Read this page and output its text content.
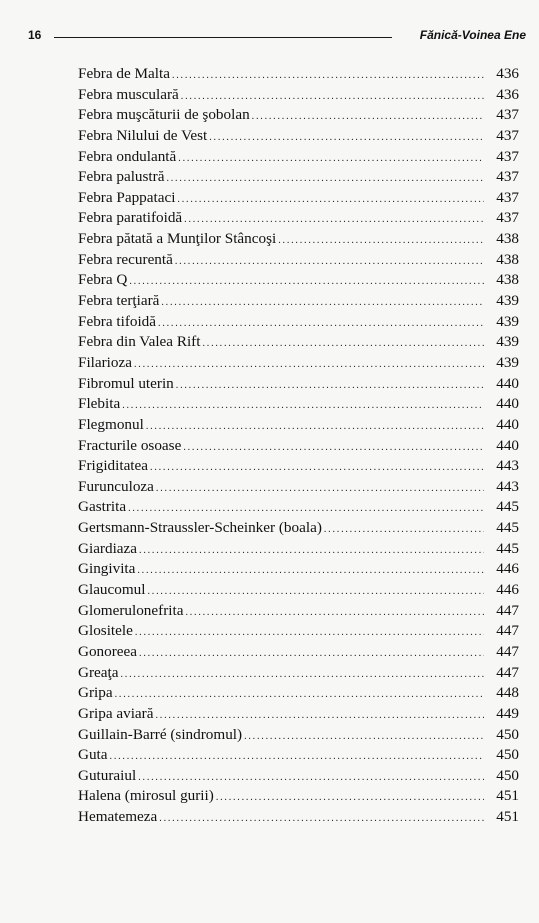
16	Fănică-Voinea Ene
Febra de Malta .....	436
Febra musculară .....	436
Febra muşcăturii de şobolan .....	437
Febra Nilului de Vest .....	437
Febra ondulantă .....	437
Febra palustră .....	437
Febra Pappataci .....	437
Febra paratifoidă .....	437
Febra pătată a Munţilor Stâncoşi .....	438
Febra recurentă .....	438
Febra Q .....	438
Febra terţiară .....	439
Febra tifoidă .....	439
Febra din Valea Rift .....	439
Filarioza .....	439
Fibromul uterin .....	440
Flebita .....	440
Flegmonul .....	440
Fracturile osoase .....	440
Frigiditatea .....	443
Furunculoza .....	443
Gastrita .....	445
Gertsmann-Straussler-Scheinker (boala) .....	445
Giardiaza .....	445
Gingivita .....	446
Glaucomul .....	446
Glomerulonefrita .....	447
Glositele .....	447
Gonoreea .....	447
Greaţa .....	447
Gripa .....	448
Gripa aviară .....	449
Guillain-Barré (sindromul) .....	450
Guta .....	450
Guturaiul .....	450
Halena (mirosul gurii) .....	451
Hematemeza .....	451
